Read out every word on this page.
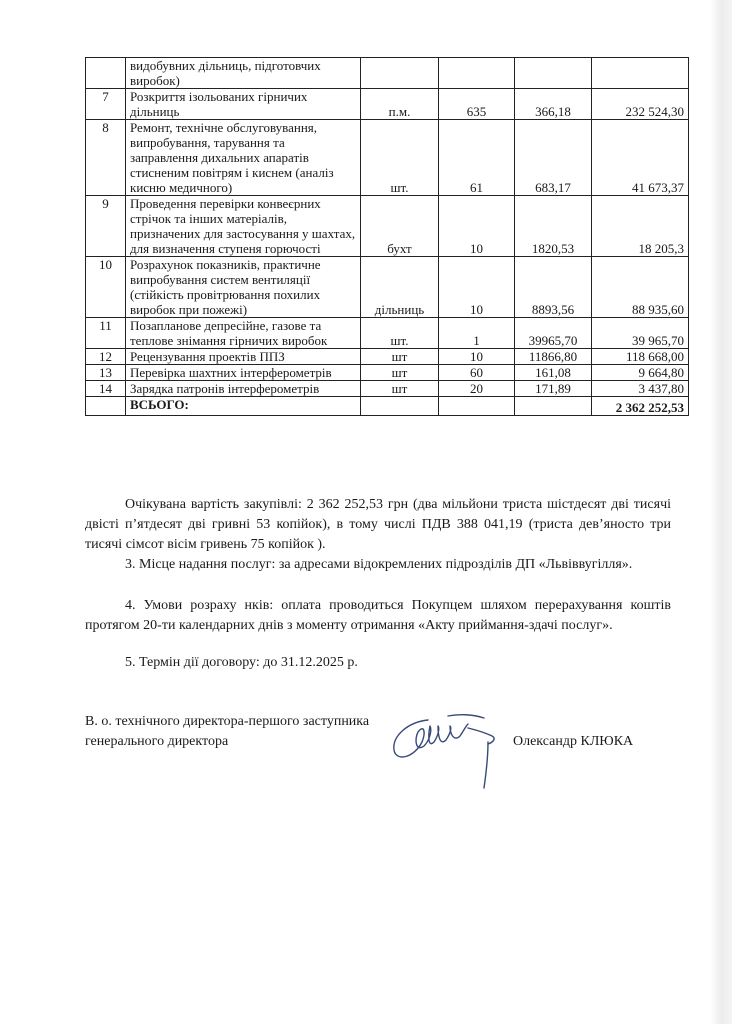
	видобувних дільниць, підготовчих виробок)				
7	Розкриття ізольованих гірничих дільниць	п.м.	635	366,18	232 524,30
8	Ремонт, технічне обслуговування, випробування, тарування та заправлення дихальних апаратів стисненим повітрям і киснем (аналіз кисню медичного)	шт.	61	683,17	41 673,37
9	Проведення перевірки конвеєрних стрічок та інших матеріалів, призначених для застосування у шахтах, для визначення ступеня горючості	бухт	10	1820,53	18 205,3
10	Розрахунок показників, практичне випробування систем вентиляції (стійкість провітрювання похилих виробок при пожежі)	дільниць	10	8893,56	88 935,60
11	Позапланове депресійне, газове та теплове знімання гірничих виробок	шт.	1	39965,70	39 965,70
12	Рецензування проектів ППЗ	шт	10	11866,80	118 668,00
13	Перевірка шахтних інтерферометрів	шт	60	161,08	9 664,80
14	Зарядка патронів інтерферометрів	шт	20	171,89	3 437,80
	ВСЬОГО:				2 362 252,53
Очікувана вартість закупівлі: 2 362 252,53 грн (два мільйони триста шістдесят дві тисячі двісті п’ятдесят дві гривні 53 копійок), в тому числі ПДВ 388 041,19 (триста дев’яносто три тисячі сімсот вісім гривень 75 копійок ).
3. Місце надання послуг: за адресами відокремлених підрозділів ДП «Львіввугілля».
4. Умови розраху нків: оплата проводиться Покупцем шляхом перерахування коштів протягом 20-ти календарних днів з моменту отримання «Акту приймання-здачі послуг».
5. Термін дії договору: до 31.12.2025 р.
В. о. технічного директора-першого заступника генерального директора	Олександр КЛЮКА
